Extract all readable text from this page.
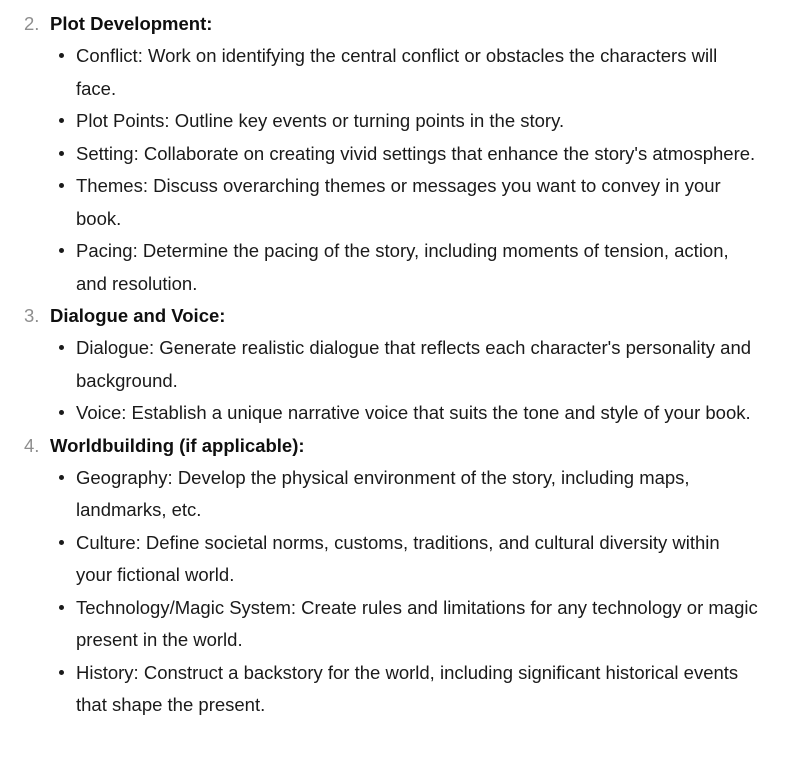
2. Plot Development:
Conflict: Work on identifying the central conflict or obstacles the characters will face.
Plot Points: Outline key events or turning points in the story.
Setting: Collaborate on creating vivid settings that enhance the story's atmosphere.
Themes: Discuss overarching themes or messages you want to convey in your book.
Pacing: Determine the pacing of the story, including moments of tension, action, and resolution.
3. Dialogue and Voice:
Dialogue: Generate realistic dialogue that reflects each character's personality and background.
Voice: Establish a unique narrative voice that suits the tone and style of your book.
4. Worldbuilding (if applicable):
Geography: Develop the physical environment of the story, including maps, landmarks, etc.
Culture: Define societal norms, customs, traditions, and cultural diversity within your fictional world.
Technology/Magic System: Create rules and limitations for any technology or magic present in the world.
History: Construct a backstory for the world, including significant historical events that shape the present.
